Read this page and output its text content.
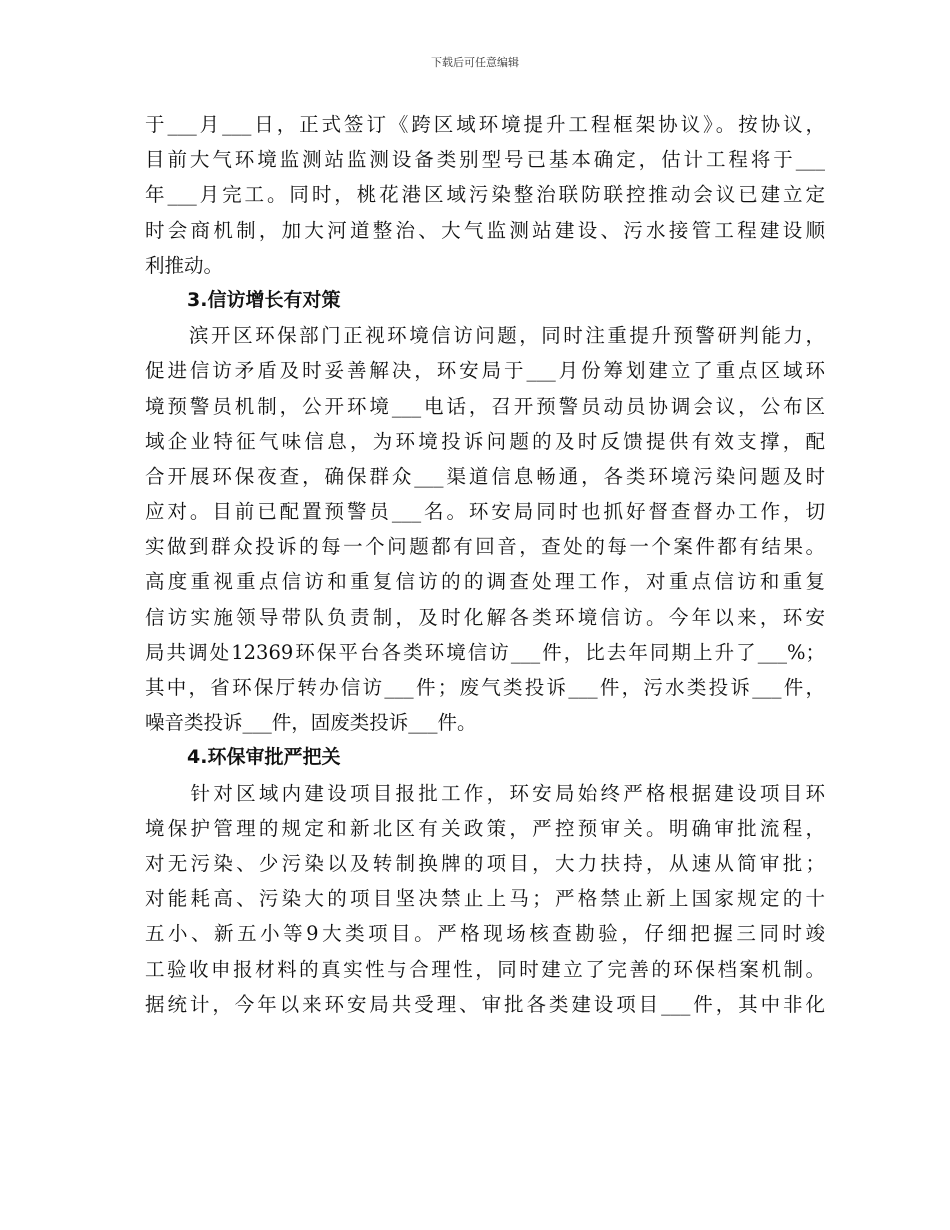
下载后可任意编辑
于___月___日，正式签订《跨区域环境提升工程框架协议》。按协议，
目前大气环境监测站监测设备类别型号已基本确定，估计工程将于___
年___月完工。同时，桃花港区域污染整治联防联控推动会议已建立定
时会商机制，加大河道整治、大气监测站建设、污水接管工程建设顺
利推动。
3.信访增长有对策
　　滨开区环保部门正视环境信访问题，同时注重提升预警研判能力，
促进信访矛盾及时妥善解决，环安局于___月份筹划建立了重点区域环
境预警员机制，公开环境___电话，召开预警员动员协调会议，公布区
域企业特征气味信息，为环境投诉问题的及时反馈提供有效支撑，配
合开展环保夜查，确保群众___渠道信息畅通，各类环境污染问题及时
应对。目前已配置预警员___名。环安局同时也抓好督查督办工作，切
实做到群众投诉的每一个问题都有回音，查处的每一个案件都有结果。
高度重视重点信访和重复信访的的调查处理工作，对重点信访和重复
信访实施领导带队负责制，及时化解各类环境信访。今年以来，环安
局共调处12369环保平台各类环境信访___件，比去年同期上升了___%；
其中，省环保厅转办信访___件；废气类投诉___件，污水类投诉___件，
噪音类投诉___件，固废类投诉___件。
4.环保审批严把关
　　针对区域内建设项目报批工作，环安局始终严格根据建设项目环
境保护管理的规定和新北区有关政策，严控预审关。明确审批流程，
对无污染、少污染以及转制换牌的项目，大力扶持，从速从简审批；
对能耗高、污染大的项目坚决禁止上马；严格禁止新上国家规定的十
五小、新五小等9大类项目。严格现场核查勘验，仔细把握三同时竣
工验收申报材料的真实性与合理性，同时建立了完善的环保档案机制。
据统计，今年以来环安局共受理、审批各类建设项目___件，其中非化
